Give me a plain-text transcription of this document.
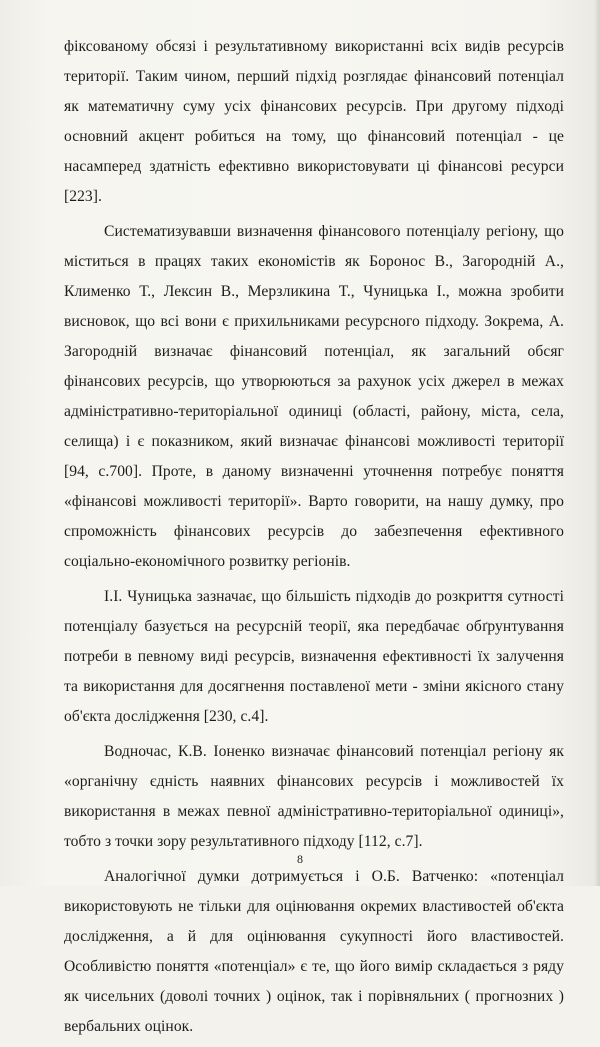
фіксованому обсязі і результативному використанні всіх видів ресурсів території. Таким чином, перший підхід розглядає фінансовий потенціал як математичну суму усіх фінансових ресурсів. При другому підході основний акцент робиться на тому, що фінансовий потенціал - це насамперед здатність ефективно використовувати ці фінансові ресурси [223].

Систематизувавши визначення фінансового потенціалу регіону, що міститься в працях таких економістів як Боронос В., Загородній А., Клименко Т., Лексин В., Мерзликина Т., Чуницька І., можна зробити висновок, що всі вони є прихильниками ресурсного підходу. Зокрема, А. Загородній визначає фінансовий потенціал, як загальний обсяг фінансових ресурсів, що утворюються за рахунок усіх джерел в межах адміністративно-територіальної одиниці (області, району, міста, села, селища) і є показником, який визначає фінансові можливості території [94, с.700]. Проте, в даному визначенні уточнення потребує поняття «фінансові можливості території». Варто говорити, на нашу думку, про спроможність фінансових ресурсів до забезпечення ефективного соціально-економічного розвитку регіонів.

І.І. Чуницька зазначає, що більшість підходів до розкриття сутності потенціалу базується на ресурсній теорії, яка передбачає обґрунтування потреби в певному виді ресурсів, визначення ефективності їх залучення та використання для досягнення поставленої мети - зміни якісного стану об'єкта дослідження [230, с.4].

Водночас, К.В. Іоненко визначає фінансовий потенціал регіону як «органічну єдність наявних фінансових ресурсів і можливостей їх використання в межах певної адміністративно-територіальної одиниці», тобто з точки зору результативного підходу [112, с.7].

Аналогічної думки дотримується і О.Б. Ватченко: «потенціал використовують не тільки для оцінювання окремих властивостей об'єкта дослідження, а й для оцінювання сукупності його властивостей. Особливістю поняття «потенціал» є те, що його вимір складається з ряду як чисельних (доволі точних ) оцінок, так і порівняльних ( прогнозних ) вербальних оцінок.

8
